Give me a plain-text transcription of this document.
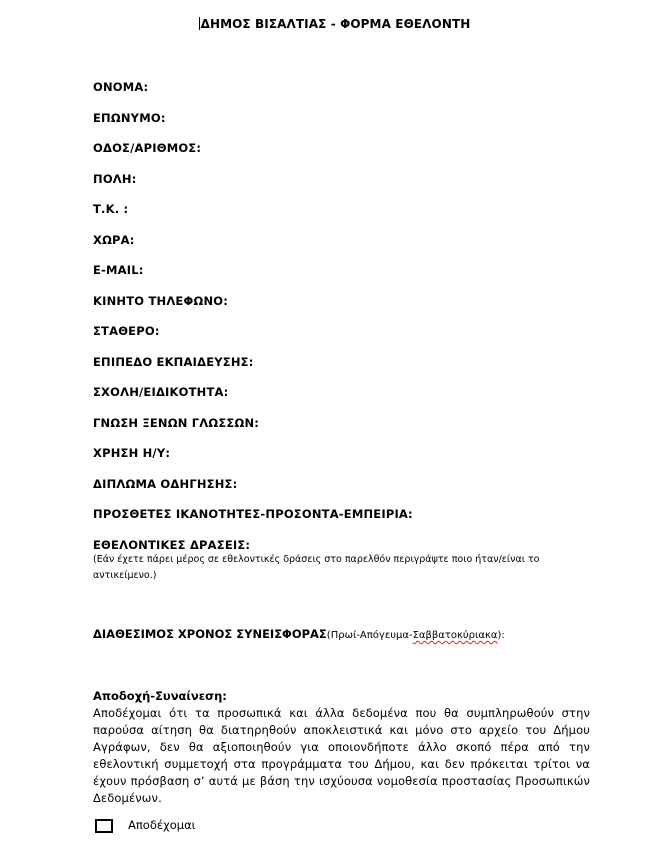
ΔΗΜΟΣ ΒΙΣΑΛΤΙΑΣ - ΦΟΡΜΑ ΕΘΕΛΟΝΤΗ
ΟΝΟΜΑ:
ΕΠΩΝΥΜΟ:
ΟΔΟΣ/ΑΡΙΘΜΟΣ:
ΠΟΛΗ:
Τ.Κ. :
ΧΩΡΑ:
E-MAIL:
ΚΙΝΗΤΟ ΤΗΛΕΦΩΝΟ:
ΣΤΑΘΕΡΟ:
ΕΠΙΠΕΔΟ ΕΚΠΑΙΔΕΥΣΗΣ:
ΣΧΟΛΗ/ΕΙΔΙΚΟΤΗΤΑ:
ΓΝΩΣΗ ΞΕΝΩΝ ΓΛΩΣΣΩΝ:
ΧΡΗΣΗ Η/Υ:
ΔΙΠΛΩΜΑ ΟΔΗΓΗΣΗΣ:
ΠΡΟΣΘΕΤΕΣ ΙΚΑΝΟΤΗΤΕΣ-ΠΡΟΣΟΝΤΑ-ΕΜΠΕΙΡΙΑ:
ΕΘΕΛΟΝΤΙΚΕΣ ΔΡΑΣΕΙΣ:
(Εάν έχετε πάρει μέρος σε εθελοντικές δράσεις στο παρελθόν περιγράψτε ποιο ήταν/είναι το αντικείμενο.)
ΔΙΑΘΕΣΙΜΟΣ ΧΡΟΝΟΣ ΣΥΝΕΙΣΦΟΡΑΣ(Πρωί-Απόγευμα-Σαββατοκύριακα):
Αποδοχή-Συναίνεση:
Αποδέχομαι ότι τα προσωπικά και άλλα δεδομένα που θα συμπληρωθούν στην παρούσα αίτηση θα διατηρηθούν αποκλειστικά και μόνο στο αρχείο του Δήμου Αγράφων, δεν θα αξιοποιηθούν για οποιονδήποτε άλλο σκοπό πέρα από την εθελοντική συμμετοχή στα προγράμματα του Δήμου, και δεν πρόκειται τρίτοι να έχουν πρόσβαση σ’ αυτά με βάση την ισχύουσα νομοθεσία προστασίας Προσωπικών Δεδομένων.
Αποδέχομαι
